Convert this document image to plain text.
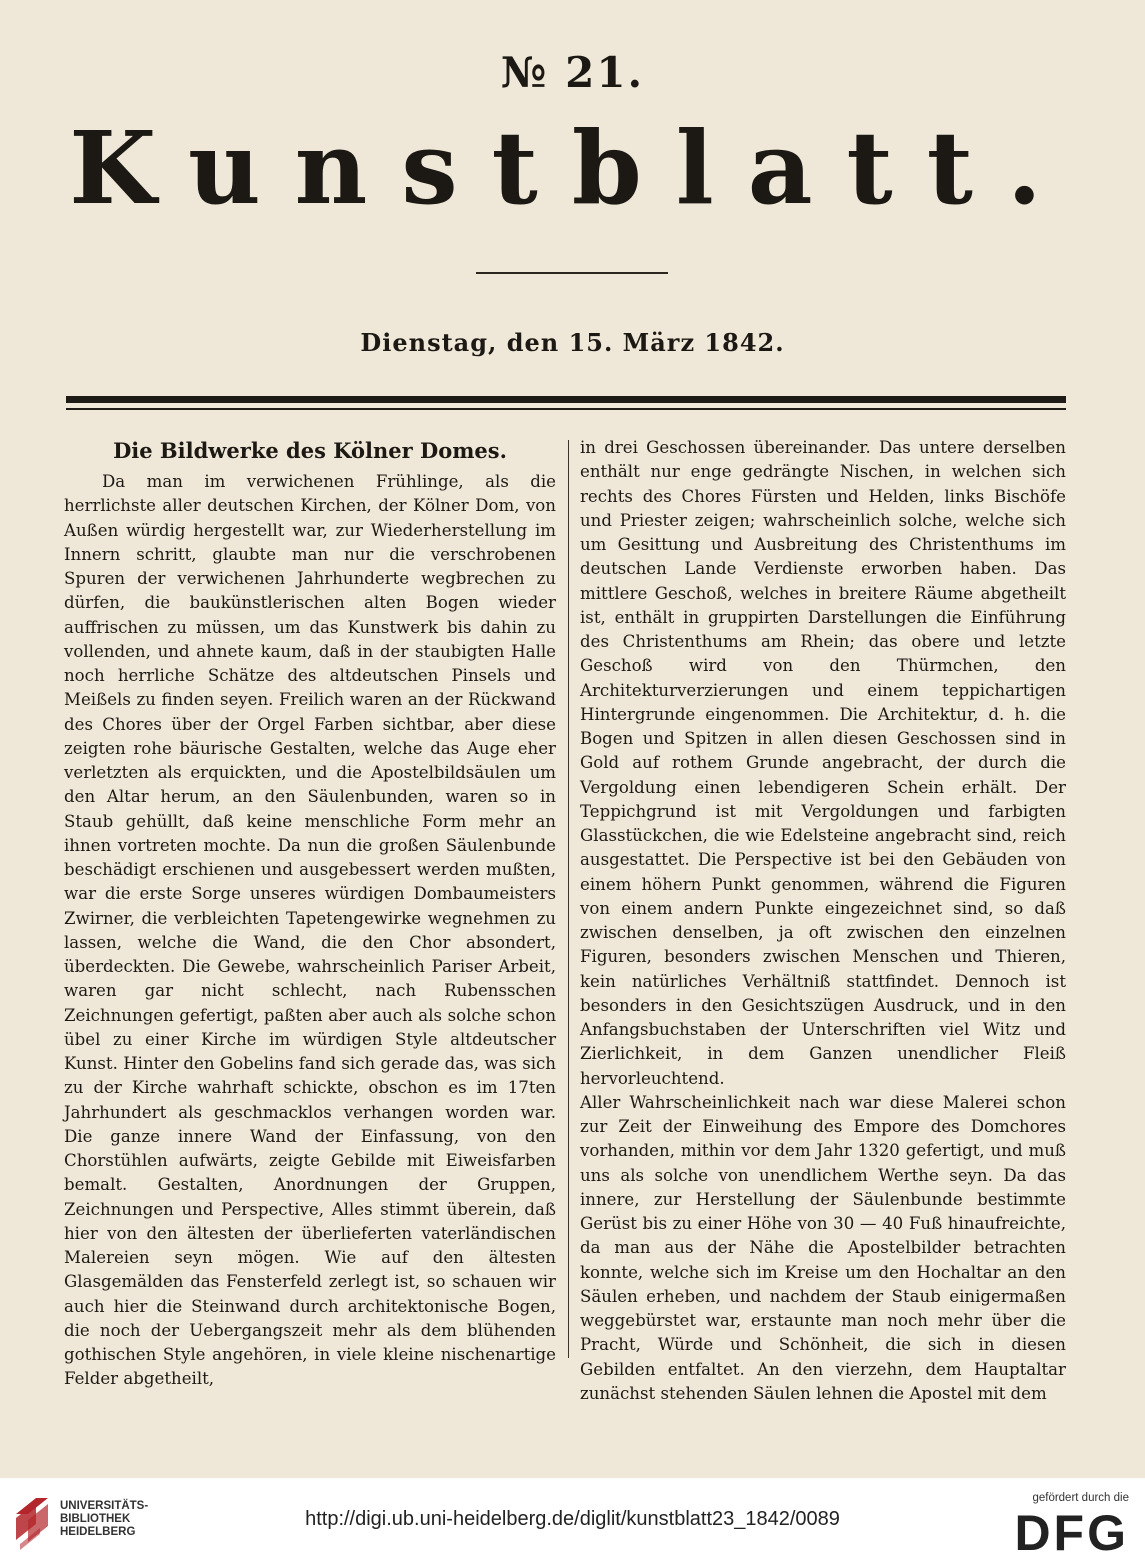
№ 21.
Kunstblatt.
Dienstag, den 15. März 1842.
Die Bildwerke des Kölner Domes.
Da man im verwichenen Frühlinge, als die herrlichste aller deutschen Kirchen, der Kölner Dom, von Außen würdig hergestellt war, zur Wiederherstellung im Innern schritt, glaubte man nur die verschrobenen Spuren der verwichenen Jahrhunderte wegbrechen zu dürfen, die baukünstlerischen alten Bogen wieder auffrischen zu müssen, um das Kunstwerk bis dahin zu vollenden, und ahnete kaum, daß in der staubigten Halle noch herrliche Schätze des altdeutschen Pinsels und Meißels zu finden seyen. Freilich waren an der Rückwand des Chores über der Orgel Farben sichtbar, aber diese zeigten rohe bäurische Gestalten, welche das Auge eher verletzten als erquickten, und die Apostelbildsäulen um den Altar herum, an den Säulenbunden, waren so in Staub gehüllt, daß keine menschliche Form mehr an ihnen vortreten mochte. Da nun die großen Säulenbunde beschädigt erschienen und ausgebessert werden mußten, war die erste Sorge unseres würdigen Dombaumeisters Zwirner, die verbleichten Tapetengewirke wegnehmen zu lassen, welche die Wand, die den Chor absondert, überdeckten. Die Gewebe, wahrscheinlich Pariser Arbeit, waren gar nicht schlecht, nach Rubensschen Zeichnungen gefertigt, paßten aber auch als solche schon übel zu einer Kirche im würdigen Style altdeutscher Kunst. Hinter den Gobelins fand sich gerade das, was sich zu der Kirche wahrhaft schickte, obschon es im 17ten Jahrhundert als geschmacklos verhangen worden war. Die ganze innere Wand der Einfassung, von den Chorstühlen aufwärts, zeigte Gebilde mit Eiweisfarben bemalt. Gestalten, Anordnungen der Gruppen, Zeichnungen und Perspective, Alles stimmt überein, daß hier von den ältesten der überlieferten vaterländischen Malereien seyn mögen. Wie auf den ältesten Glasgemälden das Fensterfeld zerlegt ist, so schauen wir auch hier die Steinwand durch architektonische Bogen, die noch der Uebergangszeit mehr als dem blühenden gothischen Style angehören, in viele kleine nischenartige Felder abgetheilt,
in drei Geschossen übereinander. Das untere derselben enthält nur enge gedrängte Nischen, in welchen sich rechts des Chores Fürsten und Helden, links Bischöfe und Priester zeigen; wahrscheinlich solche, welche sich um Gesittung und Ausbreitung des Christenthums im deutschen Lande Verdienste erworben haben. Das mittlere Geschoß, welches in breitere Räume abgetheilt ist, enthält in gruppirten Darstellungen die Einführung des Christenthums am Rhein; das obere und letzte Geschoß wird von den Thürmchen, den Architekturverzierungen und einem teppichartigen Hintergrunde eingenommen. Die Architektur, d. h. die Bogen und Spitzen in allen diesen Geschossen sind in Gold auf rothem Grunde angebracht, der durch die Vergoldung einen lebendigeren Schein erhält. Der Teppichgrund ist mit Vergoldungen und farbigten Glasstückchen, die wie Edelsteine angebracht sind, reich ausgestattet. Die Perspective ist bei den Gebäuden von einem höhern Punkt genommen, während die Figuren von einem andern Punkte eingezeichnet sind, so daß zwischen denselben, ja oft zwischen den einzelnen Figuren, besonders zwischen Menschen und Thieren, kein natürliches Verhältniß stattfindet. Dennoch ist besonders in den Gesichtszügen Ausdruck, und in den Anfangsbuchstaben der Unterschriften viel Witz und Zierlichkeit, in dem Ganzen unendlicher Fleiß hervorleuchtend.
Aller Wahrscheinlichkeit nach war diese Malerei schon zur Zeit der Einweihung des Empore des Domchores vorhanden, mithin vor dem Jahr 1320 gefertigt, und muß uns als solche von unendlichem Werthe seyn. Da das innere, zur Herstellung der Säulenbunde bestimmte Gerüst bis zu einer Höhe von 30 — 40 Fuß hinaufreichte, da man aus der Nähe die Apostelbilder betrachten konnte, welche sich im Kreise um den Hochaltar an den Säulen erheben, und nachdem der Staub einigermaßen weggebürstet war, erstaunte man noch mehr über die Pracht, Würde und Schönheit, die sich in diesen Gebilden entfaltet. An den vierzehn, dem Hauptaltar zunächst stehenden Säulen lehnen die Apostel mit dem
UNIVERSITÄTS-
BIBLIOTHEK
HEIDELBERG
http://digi.ub.uni-heidelberg.de/diglit/kunstblatt23_1842/0089
gefördert durch die
DFG
